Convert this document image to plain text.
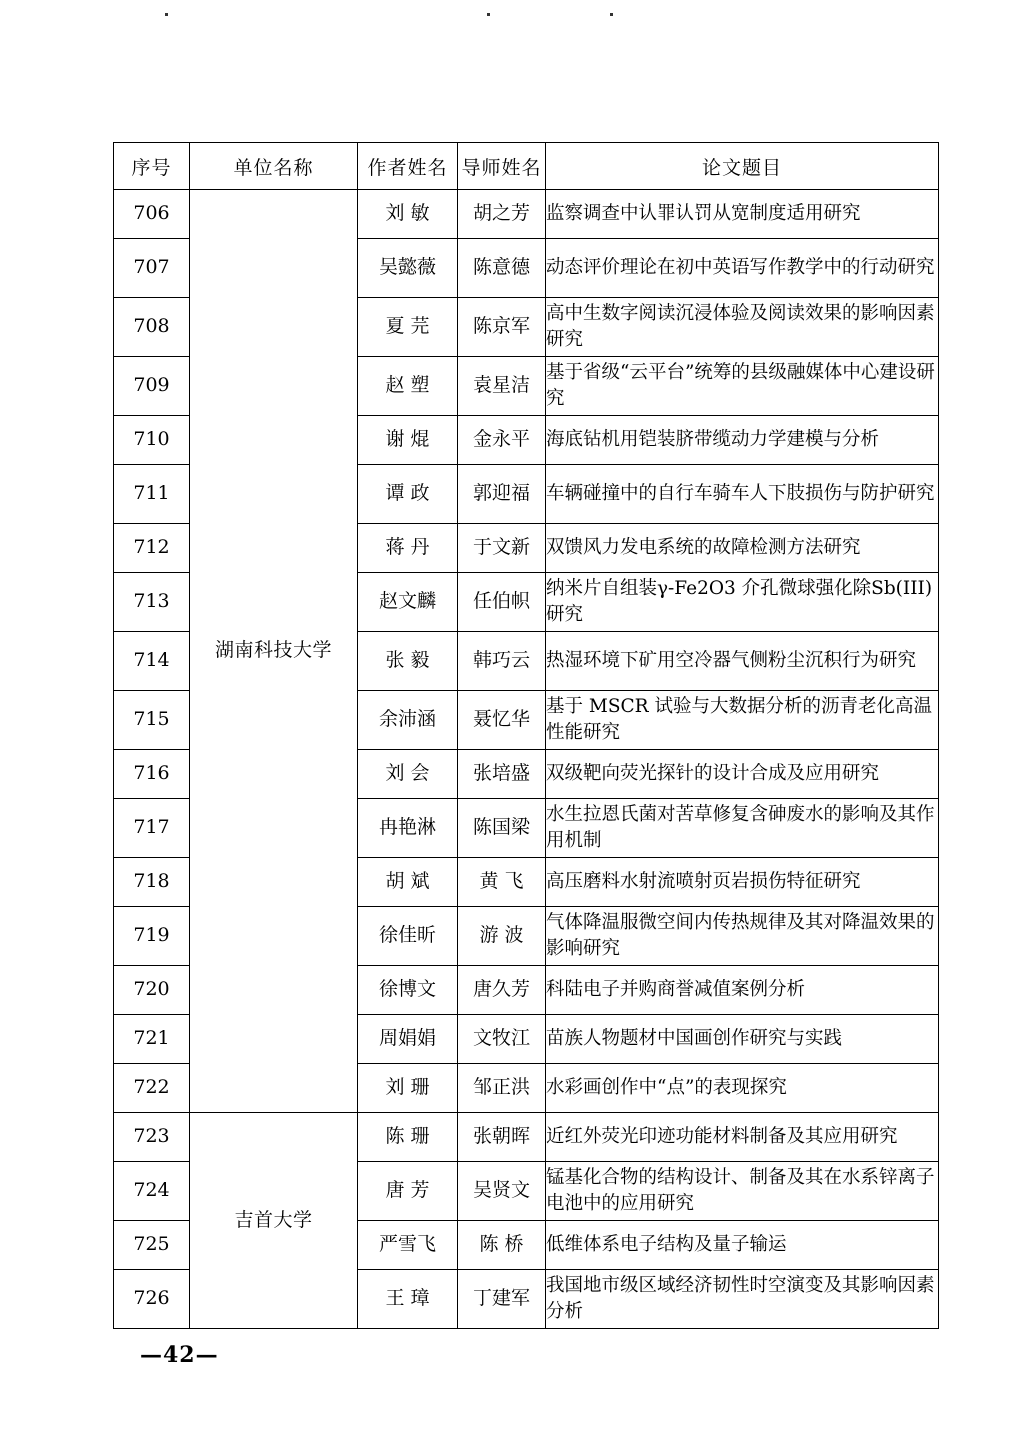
序号	单位名称	作者姓名	导师姓名	论文题目
706	湖南科技大学	刘 敏	胡之芳	监察调查中认罪认罚从宽制度适用研究
707		吴懿薇	陈意德	动态评价理论在初中英语写作教学中的行动研究
708		夏 芫	陈京军	高中生数字阅读沉浸体验及阅读效果的影响因素研究
709		赵 塑	袁星洁	基于省级“云平台”统筹的县级融媒体中心建设研究
710		谢 焜	金永平	海底钻机用铠装脐带缆动力学建模与分析
711		谭 政	郭迎福	车辆碰撞中的自行车骑车人下肢损伤与防护研究
712		蒋 丹	于文新	双馈风力发电系统的故障检测方法研究
713		赵文麟	任伯帜	纳米片自组装γ-Fe2O3 介孔微球强化除Sb(III)研究
714		张 毅	韩巧云	热湿环境下矿用空冷器气侧粉尘沉积行为研究
715		余沛涵	聂忆华	基于 MSCR 试验与大数据分析的沥青老化高温性能研究
716		刘 会	张培盛	双级靶向荧光探针的设计合成及应用研究
717		冉艳淋	陈国梁	水生拉恩氏菌对苦草修复含砷废水的影响及其作用机制
718		胡 斌	黄 飞	高压磨料水射流喷射页岩损伤特征研究
719		徐佳昕	游 波	气体降温服微空间内传热规律及其对降温效果的影响研究
720		徐博文	唐久芳	科陆电子并购商誉减值案例分析
721		周娟娟	文牧江	苗族人物题材中国画创作研究与实践
722		刘 珊	邹正洪	水彩画创作中“点”的表现探究
723	吉首大学	陈 珊	张朝晖	近红外荧光印迹功能材料制备及其应用研究
724		唐 芳	吴贤文	锰基化合物的结构设计、制备及其在水系锌离子电池中的应用研究
725		严雪飞	陈 桥	低维体系电子结构及量子输运
726		王 璋	丁建军	我国地市级区域经济韧性时空演变及其影响因素分析
—42—
